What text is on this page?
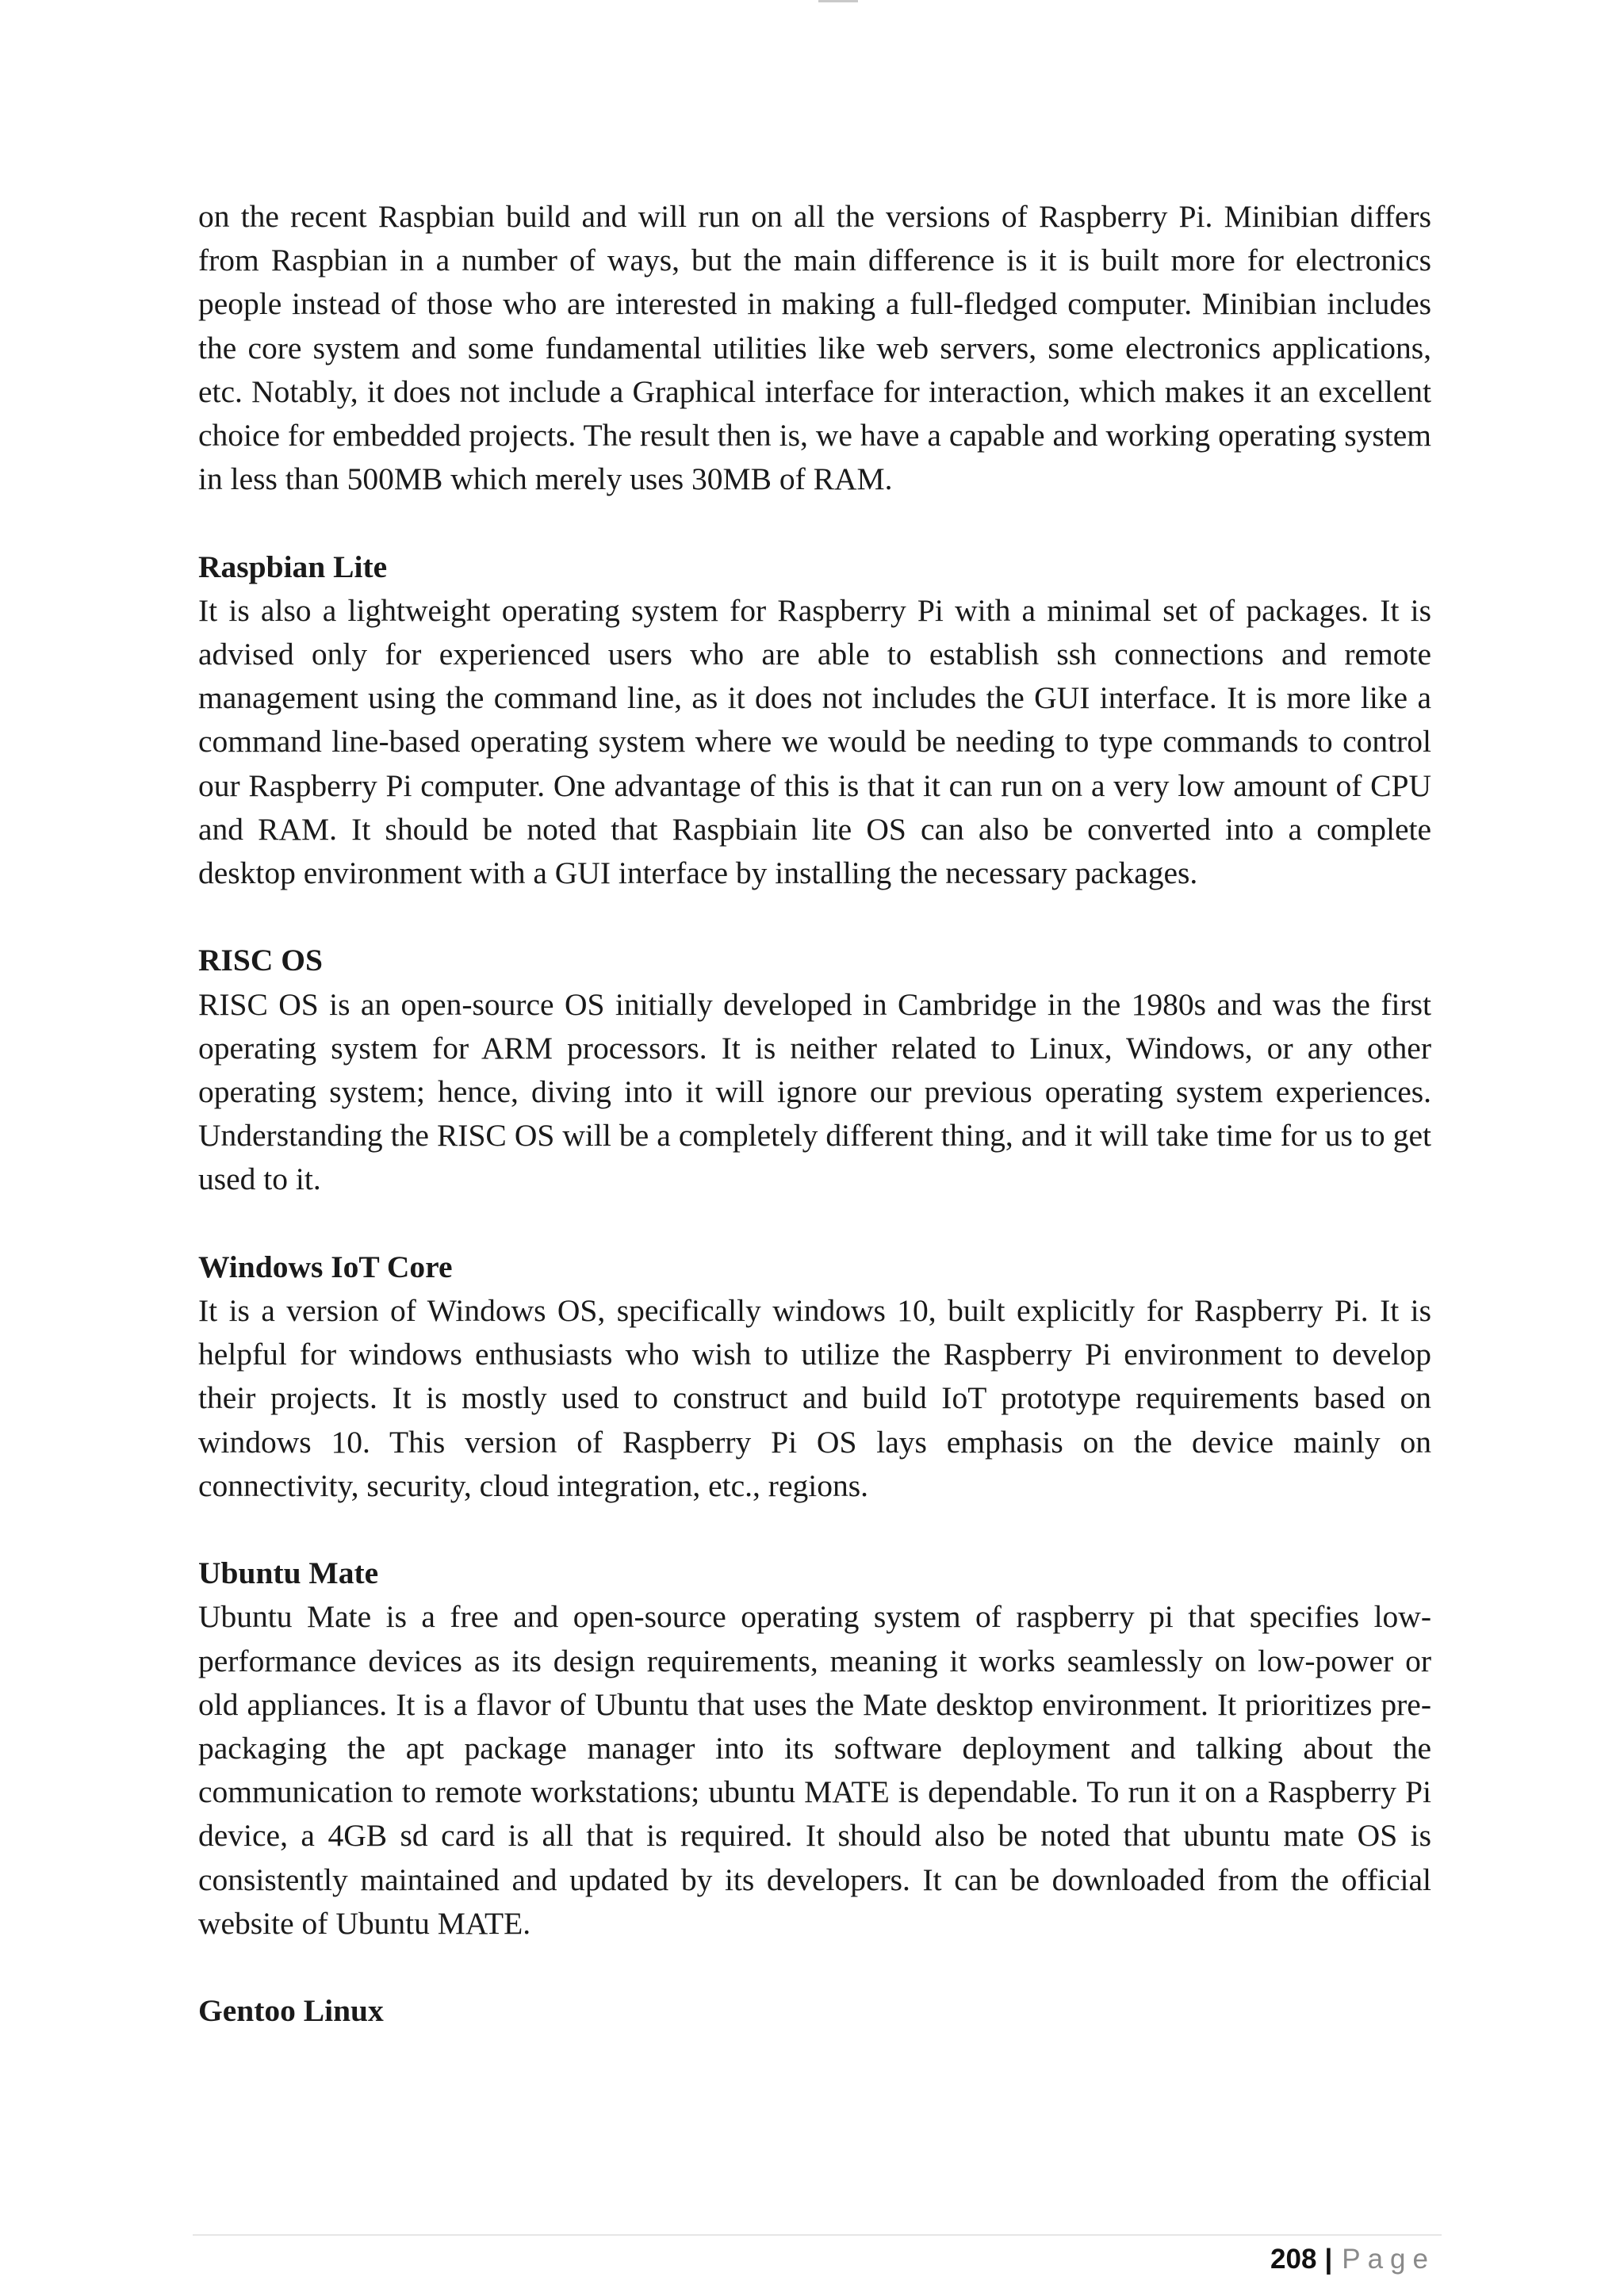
on the recent Raspbian build and will run on all the versions of Raspberry Pi. Minibian differs from Raspbian in a number of ways, but the main difference is it is built more for electronics people instead of those who are interested in making a full-fledged computer. Minibian includes the core system and some fundamental utilities like web servers, some electronics applications, etc. Notably, it does not include a Graphical interface for interaction, which makes it an excellent choice for embedded projects. The result then is, we have a capable and working operating system in less than 500MB which merely uses 30MB of RAM.

Raspbian Lite

It is also a lightweight operating system for Raspberry Pi with a minimal set of packages. It is advised only for experienced users who are able to establish ssh connections and remote management using the command line, as it does not includes the GUI interface. It is more like a command line-based operating system where we would be needing to type commands to control our Raspberry Pi computer. One advantage of this is that it can run on a very low amount of CPU and RAM. It should be noted that Raspbiain lite OS can also be converted into a complete desktop environment with a GUI interface by installing the necessary packages.

RISC OS

RISC OS is an open-source OS initially developed in Cambridge in the 1980s and was the first operating system for ARM processors. It is neither related to Linux, Windows, or any other operating system; hence, diving into it will ignore our previous operating system experiences. Understanding the RISC OS will be a completely different thing, and it will take time for us to get used to it.

Windows IoT Core

It is a version of Windows OS, specifically windows 10, built explicitly for Raspberry Pi. It is helpful for windows enthusiasts who wish to utilize the Raspberry Pi environment to develop their projects. It is mostly used to construct and build IoT prototype requirements based on windows 10. This version of Raspberry Pi OS lays emphasis on the device mainly on connectivity, security, cloud integration, etc., regions.

Ubuntu Mate

Ubuntu Mate is a free and open-source operating system of raspberry pi that specifies low-performance devices as its design requirements, meaning it works seamlessly on low-power or old appliances. It is a flavor of Ubuntu that uses the Mate desktop environment. It prioritizes pre-packaging the apt package manager into its software deployment and talking about the communication to remote workstations; ubuntu MATE is dependable. To run it on a Raspberry Pi device, a 4GB sd card is all that is required. It should also be noted that ubuntu mate OS is consistently maintained and updated by its developers. It can be downloaded from the official website of Ubuntu MATE.

Gentoo Linux

208 | Page
